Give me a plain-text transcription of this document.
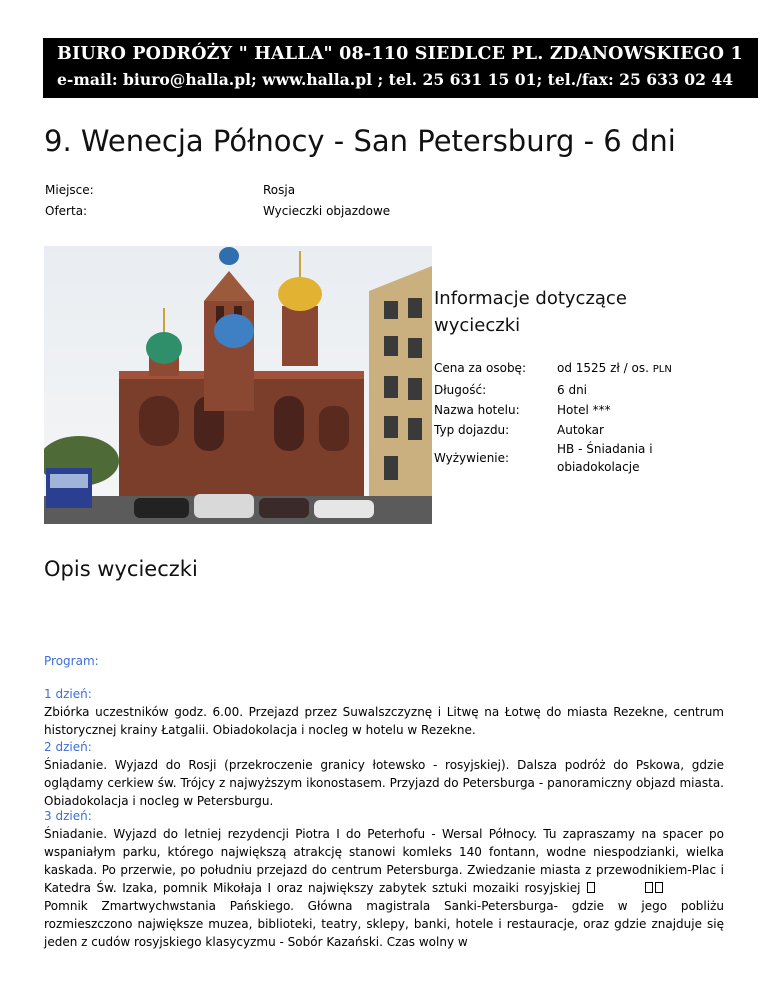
BIURO PODRÓŻY " HALLA" 08-110 SIEDLCE PL. ZDANOWSKIEGO 1
e-mail: biuro@halla.pl; www.halla.pl ; tel. 25 631 15 01; tel./fax: 25 633 02 44
9. Wenecja Północy - San Petersburg - 6 dni
Miejsce:	Rosja
Oferta:	Wycieczki objazdowe
Informacje dotyczące wycieczki
Cena za osobę:	od 1525 zł / os. PLN
Długość:	6 dni
Nazwa hotelu:	Hotel ***
Typ dojazdu:	Autokar
Wyżywienie:
HB - Śniadania i obiadokolacje
Opis wycieczki
Program:
1 dzień:

Zbiórka uczestników godz. 6.00. Przejazd przez Suwalszczyznę i Litwę na Łotwę do miasta Rezekne, centrum historycznej krainy Łatgalii. Obiadokolacja i nocleg w hotelu w Rezekne.

2 dzień:

Śniadanie. Wyjazd do Rosji (przekroczenie granicy łotewsko - rosyjskiej). Dalsza podróż do Pskowa, gdzie oglądamy cerkiew św. Trójcy z najwyższym ikonostasem. Przyjazd do Petersburga - panoramiczny objazd miasta. Obiadokolacja i nocleg w Petersburgu.

3 dzień:

Śniadanie. Wyjazd do letniej rezydencji Piotra I do Peterhofu - Wersal Północy. Tu zapraszamy na spacer po wspaniałym parku, którego największą atrakcję stanowi komleks 140 fontann, wodne niespodzianki, wielka kaskada. Po przerwie, po południu przejazd do centrum Petersburga. Zwiedzanie miasta z przewodnikiem-Plac i Katedra Św. Izaka, pomnik Mikołaja I oraz największy zabytek sztuki mozaiki rosyjskiej  Pomnik Zmartwychwstania Pańskiego. Główna magistrala Sanki-Petersburga- gdzie w jego pobliżu rozmieszczono największe muzea, biblioteki, teatry, sklepy, banki, hotele i restauracje, oraz gdzie znajduje się jeden z cudów rosyjskiego klasycyzmu - Sobór Kazański. Czas wolny w
